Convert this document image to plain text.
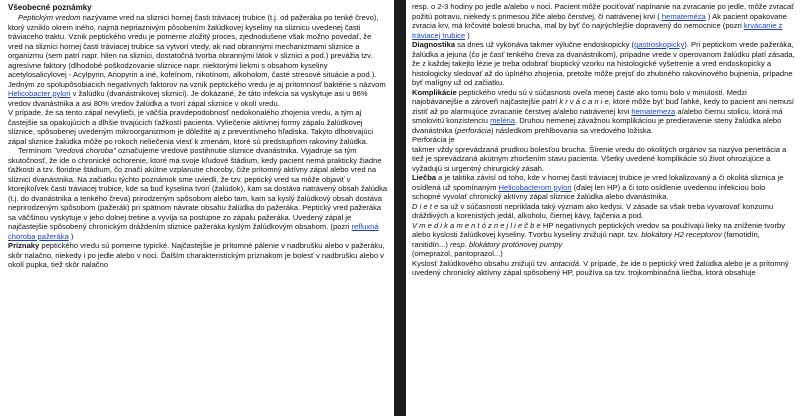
Všeobecné poznámky

Peptickým vredom nazývame vred na sliznici hornej časti tráviacej trubice (t.j. od pažeráka po tenké črevo), ktorý vzniklo okrem iného, najmä nepriaznivým pôsobením žalúdkovej kyseliny na sliznicu uvedenej časti tráviaceho traktu. Vznik peptického vredu je pomerne zložitý proces, zjednodušene však možno povedať, že vred na sliznici hornej časti tráviacej trubice sa vytvorí vtedy, ak nad obrannými mechanizmami sliznice a organizmu (sem patrí napr. hlien na sliznici, dostatočná tvorba obrannými látok v sliznici a pod.) prevážia tzv. agresívne faktory (dlhodobé poškodzovanie sliznice napr. niektorými liekmi s obsahom kyseliny acetylosalicylovej - Acylpyrin, Anopyrin a iné, kofeínom, nikotínom, alkoholom, časté stresové situácie a pod.). Jedným zo spolupôsobiacich negatívnych faktorov na vznik peptického vredu je aj prítomnosť baktérie s názvom Helicobacter pylori v žalúdku (dvanástnikovej sliznici). Je dokázané, že táto infekcia sa vyskytuje asi u 96% vredov dvanástnika a asi 80% vredov žalúdka a tvorí zápal sliznice v okolí vredu.

V prípade, že sa tento zápal nevylieči, je väčšia pravdepodobnosť nedokonalého zhojenia vredu, a tým aj častejšie sa opakujúcich a dlhšie trvajúcich ťažkostí pacienta. Vyliečenie aktívnej formy zápalu žalúdkovej sliznice, spôsobenej uvedeným mikroorganizmom je dôležité aj z preventívneho hľadiska. Takýto dlhotrvajúci zápal sliznice žalúdka môže po rokoch neliečenia viesť k zmenám, ktoré sú predstupňom rakoviny žalúdka.

Termínom "vredová choroba" označujeme vredové postihnutie sliznice dvanástnika. Vyjadruje sa tým skutočnosť, že ide o chronické ochorenie, ktoré má svoje kľudové štádium, kedy pacient nemá prakticky žiadne ťažkosti a tzv. floridne štádium, čo značí akútne vzplanutie choroby, čiže prítomný aktívny zápal alebo vred na sliznici dvanástnika. Na začiatku týchto poznámok sme uviedli, že tzv. peptický vred sa môže objaviť v ktorejkoľvek časti tráviacej trubice, kde sa buď kyselina tvorí (žalúdok), kam sa dostáva natrávený obsah žalúdka (t.j. do dvanástnika a tenkého čreva) prirodzeným spôsobom alebo tam, kam sa kyslý žalúdkový obsah dostáva neprirodzeným spôsobom (pažerák) pri spätnom návrate obsahu žalúdka do pažeráka. Peptický vred pažeráka sa väčšinou vyskytuje v jeho dolnej tretine a vyvíja sa postupne zo zápalu pažeráka. Uvedený zápal je najčastejšie spôsobený chronickým dráždením sliznice pažeráka kyslým žalúdkovým obsahom. (pozri refluxná choroba pažeráka )

Príznaky peptického vredu sú pomerne typické. Najčastejšie je prítomné pálenie v nadbrušku alebo v pažeráku, skôr nalačno, niekedy i po jedle alebo v noci. Ďalším charakteristickým príznakom je bolesť v nadbrušku alebo v okolí pupka, tiež skôr nalačno

resp. o 2-3 hodiny po jedle a/alebo v noci. Pacient môže pociťovať napínanie na zvracanie po jedle, môže zvracať požitú potravu, niekedy s primesou žlče alebo čerstvej, či natrávenej krvi ( hemateméza ) Ak pacient opakovane zvracia krv, má krčovité bolesti brucha, mal by byť čo najrýchlejšie dopravený do nemocnice (pozri krvácanie z tráviacej trubice )

Diagnostika sa dnes už vykonáva takmer výlučne endoskopicky (gastroskopicky). Pri peptickom vrede pažeráka, žalúdka a jejuna (čo je časť tenkého čreva za dvanástnikom), prípadne vrede v operovanom žalúdku platí zásada, že z každej takejto lézie je treba odobrať bioptický vzorku na histologické vyšetrenie a vred endoskopicky a histologicky sledovať až do úplného zhojenia, pretože môže prejsť do zhubného rakovinového bujnenia, prípadne byť malígny už od začiatku.

Komplikácie peptického vredu sú v súčasnosti oveľa menej časté ako tomu bolo v minulosti. Medzi najobávanejšie a zároveň najčastejšie patrí k r v á c a n i e, ktoré môže byť buď ľahké, kedy to pacient ani nemusí zistiť až po alarmujúce zvracanie čerstvej a/alebo natrávenej krvi hematemeza a/alebo čiernu stolicu, ktorá má smolovitú konzistenciu meléna. Druhou nemenej závažnou komplikáciou je predieravenie steny žalúdka alebo dvanástnika (perforácia) následkom prehlbovania sa vredového ložiska.

Perforácia je

takmer vždy sprevádzaná prudkou bolesťou brucha. Šírenie vredu do okolitých orgánov sa nazýva penetrácia a tiež je sprevádzaná akútnym zhoršením stavu pacienta. Všetky uvedené komplikácie sú život ohrozujúce a vyžadujú si urgentný chirurgický zásah.

Liečba a je taktika závisí od toho, kde v hornej časti tráviacej trubice je vred lokalizovaný a či okolitá sliznica je osídlená už spomínaným Helicobacterom pylori (ďalej len HP) a či toto osídlenie uvedenou infekciou bolo schopné vyvolať chronický aktívny zápal sliznice žalúdka alebo dvanástnika.

D i e t e sa už v súčasnosti nepriklada taký význam ako kedysi. V zásade sa však treba vyvarovať konzumu dráždivých a korenistých jedál, alkoholu, čiernej kávy, fajčenia a pod.

V m e d i k a m e n t ó z n e j l i e č b e HP negatívnych peptických vredov sa používajú lieky na zníženie tvorby alebo kyslosti žalúdkovej kyseliny. Tvorbu kyseliny znižujú napr. tzv. blokátory H2 receptorov (famotidín, ranitidín...) resp. blokátory protónovej pumpy

(omeprazol, pantoprazol...)

Kyslosť žalúdkového obsahu znižujú tzv. antacidá. V prípade, že ide o peptický vred žalúdka alebo je a prítomný uvedený chronický aktívny zápal spôsobený HP, používa sa tzv. trojkombinačná liečba, ktorá obsahuje
